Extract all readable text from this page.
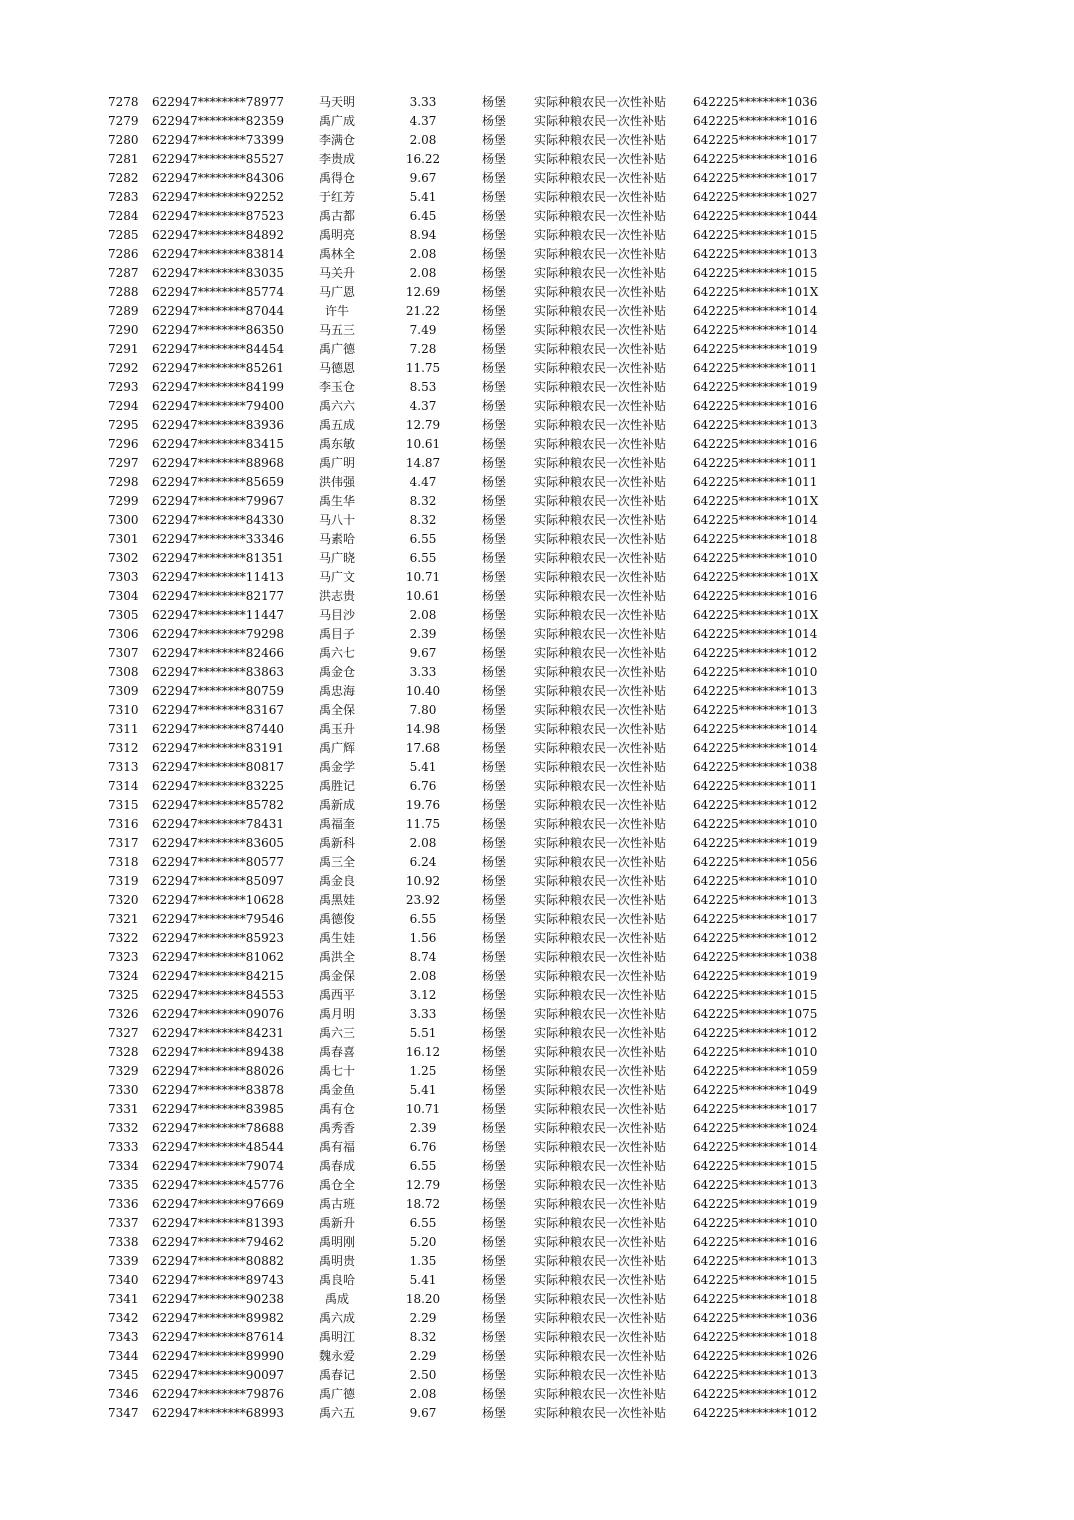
7278 622947********78977	马天明	3.33	杨堡 实际种粮农民一次性补贴 642225********1036
7279 622947********82359	禹广成	4.37	杨堡 实际种粮农民一次性补贴 642225********1016
7280 622947********73399	李满仓	2.08	杨堡 实际种粮农民一次性补贴 642225********1017
7281 622947********85527	李贵成	16.22	杨堡 实际种粮农民一次性补贴 642225********1016
7282 622947********84306	禹得仓	9.67	杨堡 实际种粮农民一次性补贴 642225********1017
7283 622947********92252	于红芳	5.41	杨堡 实际种粮农民一次性补贴 642225********1027
7284 622947********87523	禹古都	6.45	杨堡 实际种粮农民一次性补贴 642225********1044
7285 622947********84892	禹明亮	8.94	杨堡 实际种粮农民一次性补贴 642225********1015
7286 622947********83814	禹林全	2.08	杨堡 实际种粮农民一次性补贴 642225********1013
7287 622947********83035	马关升	2.08	杨堡 实际种粮农民一次性补贴 642225********1015
7288 622947********85774	马广恩	12.69	杨堡 实际种粮农民一次性补贴 642225********101X
7289 622947********87044	许牛	21.22	杨堡 实际种粮农民一次性补贴 642225********1014
7290 622947********86350	马五三	7.49	杨堡 实际种粮农民一次性补贴 642225********1014
7291 622947********84454	禹广德	7.28	杨堡 实际种粮农民一次性补贴 642225********1019
7292 622947********85261	马德恩	11.75	杨堡 实际种粮农民一次性补贴 642225********1011
7293 622947********84199	李玉仓	8.53	杨堡 实际种粮农民一次性补贴 642225********1019
7294 622947********79400	禹六六	4.37	杨堡 实际种粮农民一次性补贴 642225********1016
7295 622947********83936	禹五成	12.79	杨堡 实际种粮农民一次性补贴 642225********1013
7296 622947********83415	禹东敏	10.61	杨堡 实际种粮农民一次性补贴 642225********1016
7297 622947********88968	禹广明	14.87	杨堡 实际种粮农民一次性补贴 642225********1011
7298 622947********85659	洪伟强	4.47	杨堡 实际种粮农民一次性补贴 642225********1011
7299 622947********79967	禹生华	8.32	杨堡 实际种粮农民一次性补贴 642225********101X
7300 622947********84330	马八十	8.32	杨堡 实际种粮农民一次性补贴 642225********1014
7301 622947********33346	马素哈	6.55	杨堡 实际种粮农民一次性补贴 642225********1018
7302 622947********81351	马广晓	6.55	杨堡 实际种粮农民一次性补贴 642225********1010
7303 622947********11413	马广文	10.71	杨堡 实际种粮农民一次性补贴 642225********101X
7304 622947********82177	洪志贵	10.61	杨堡 实际种粮农民一次性补贴 642225********1016
7305 622947********11447	马目沙	2.08	杨堡 实际种粮农民一次性补贴 642225********101X
7306 622947********79298	禹目子	2.39	杨堡 实际种粮农民一次性补贴 642225********1014
7307 622947********82466	禹六七	9.67	杨堡 实际种粮农民一次性补贴 642225********1012
7308 622947********83863	禹金仓	3.33	杨堡 实际种粮农民一次性补贴 642225********1010
7309 622947********80759	禹忠海	10.40	杨堡 实际种粮农民一次性补贴 642225********1013
7310 622947********83167	禹全保	7.80	杨堡 实际种粮农民一次性补贴 642225********1013
7311 622947********87440	禹玉升	14.98	杨堡 实际种粮农民一次性补贴 642225********1014
7312 622947********83191	禹广辉	17.68	杨堡 实际种粮农民一次性补贴 642225********1014
7313 622947********80817	禹金学	5.41	杨堡 实际种粮农民一次性补贴 642225********1038
7314 622947********83225	禹胜记	6.76	杨堡 实际种粮农民一次性补贴 642225********1011
7315 622947********85782	禹新成	19.76	杨堡 实际种粮农民一次性补贴 642225********1012
7316 622947********78431	禹福奎	11.75	杨堡 实际种粮农民一次性补贴 642225********1010
7317 622947********83605	禹新科	2.08	杨堡 实际种粮农民一次性补贴 642225********1019
7318 622947********80577	禹三全	6.24	杨堡 实际种粮农民一次性补贴 642225********1056
7319 622947********85097	禹金良	10.92	杨堡 实际种粮农民一次性补贴 642225********1010
7320 622947********10628	禹黑娃	23.92	杨堡 实际种粮农民一次性补贴 642225********1013
7321 622947********79546	禹德俊	6.55	杨堡 实际种粮农民一次性补贴 642225********1017
7322 622947********85923	禹生娃	1.56	杨堡 实际种粮农民一次性补贴 642225********1012
7323 622947********81062	禹洪全	8.74	杨堡 实际种粮农民一次性补贴 642225********1038
7324 622947********84215	禹金保	2.08	杨堡 实际种粮农民一次性补贴 642225********1019
7325 622947********84553	禹西平	3.12	杨堡 实际种粮农民一次性补贴 642225********1015
7326 622947********09076	禹月明	3.33	杨堡 实际种粮农民一次性补贴 642225********1075
7327 622947********84231	禹六三	5.51	杨堡 实际种粮农民一次性补贴 642225********1012
7328 622947********89438	禹春喜	16.12	杨堡 实际种粮农民一次性补贴 642225********1010
7329 622947********88026	禹七十	1.25	杨堡 实际种粮农民一次性补贴 642225********1059
7330 622947********83878	禹金鱼	5.41	杨堡 实际种粮农民一次性补贴 642225********1049
7331 622947********83985	禹有仓	10.71	杨堡 实际种粮农民一次性补贴 642225********1017
7332 622947********78688	禹秀香	2.39	杨堡 实际种粮农民一次性补贴 642225********1024
7333 622947********48544	禹有福	6.76	杨堡 实际种粮农民一次性补贴 642225********1014
7334 622947********79074	禹春成	6.55	杨堡 实际种粮农民一次性补贴 642225********1015
7335 622947********45776	禹仓全	12.79	杨堡 实际种粮农民一次性补贴 642225********1013
7336 622947********97669	禹古班	18.72	杨堡 实际种粮农民一次性补贴 642225********1019
7337 622947********81393	禹新升	6.55	杨堡 实际种粮农民一次性补贴 642225********1010
7338 622947********79462	禹明刚	5.20	杨堡 实际种粮农民一次性补贴 642225********1016
7339 622947********80882	禹明贵	1.35	杨堡 实际种粮农民一次性补贴 642225********1013
7340 622947********89743	禹良哈	5.41	杨堡 实际种粮农民一次性补贴 642225********1015
7341 622947********90238	禹成	18.20	杨堡 实际种粮农民一次性补贴 642225********1018
7342 622947********89982	禹六成	2.29	杨堡 实际种粮农民一次性补贴 642225********1036
7343 622947********87614	禹明江	8.32	杨堡 实际种粮农民一次性补贴 642225********1018
7344 622947********89990	魏永爱	2.29	杨堡 实际种粮农民一次性补贴 642225********1026
7345 622947********90097	禹春记	2.50	杨堡 实际种粮农民一次性补贴 642225********1013
7346 622947********79876	禹广德	2.08	杨堡 实际种粮农民一次性补贴 642225********1012
7347 622947********68993	禹六五	9.67	杨堡 实际种粮农民一次性补贴 642225********1012
